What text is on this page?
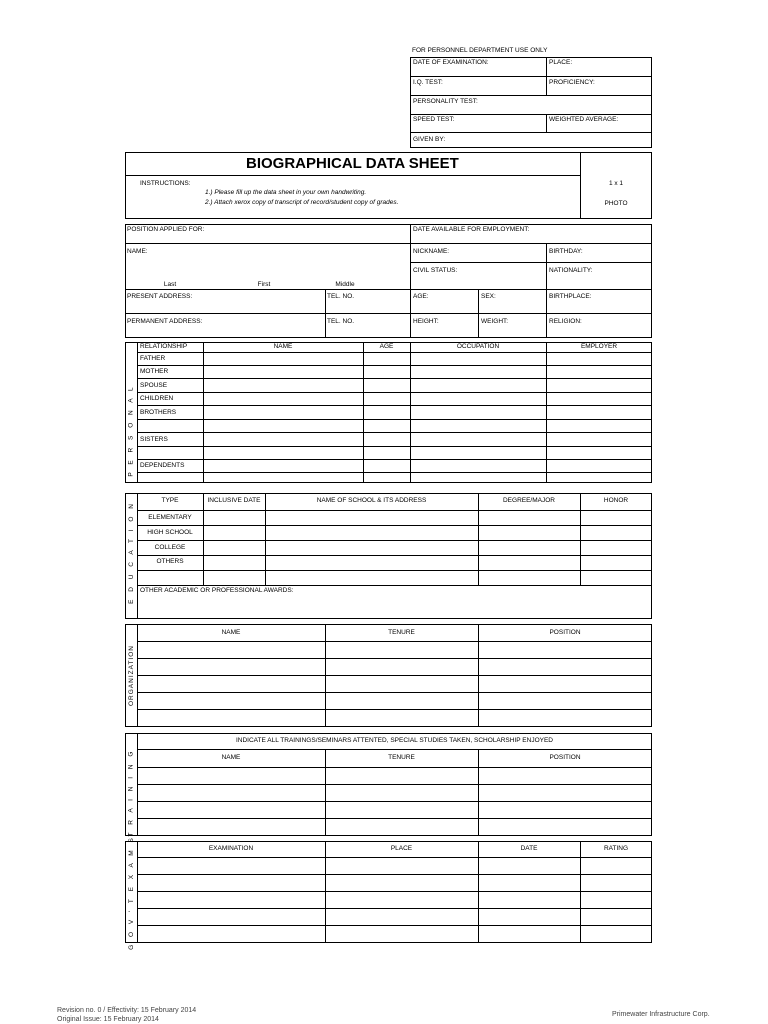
FOR PERSONNEL DEPARTMENT USE ONLY
DATE OF EXAMINATION:	PLACE:
I.Q. TEST:	PROFICIENCY:
PERSONALITY TEST:
SPEED TEST:	WEIGHTED AVERAGE:
GIVEN BY:
BIOGRAPHICAL DATA SHEET
INSTRUCTIONS:
1.) Please fill up the data sheet in your own handwriting.
2.) Attach xerox copy of transcript of record/student copy of grades.
1 x 1
PHOTO
POSITION APPLIED FOR:	DATE AVAILABLE FOR EMPLOYMENT:
NAME:	NICKNAME:	BIRTHDAY:
CIVIL STATUS:	NATIONALITY:
Last	First	Middle
PRESENT ADDRESS:	TEL. NO.	AGE:	SEX:	BIRTHPLACE:
PERMANENT ADDRESS:	TEL. NO.	HEIGHT:	WEIGHT:	RELIGION:
P E R S O N A L
RELATIONSHIP	NAME	AGE	OCCUPATION	EMPLOYER
FATHER
MOTHER
SPOUSE
CHILDREN
BROTHERS
SISTERS
DEPENDENTS
E D U C A T I O N
TYPE	INCLUSIVE DATE	NAME OF SCHOOL & ITS ADDRESS	DEGREE/MAJOR	HONOR
ELEMENTARY
HIGH SCHOOL
COLLEGE
OTHERS
OTHER ACADEMIC OR PROFESSIONAL AWARDS:
ORGANIZATION
NAME	TENURE	POSITION
T R A I N I N G
INDICATE ALL TRAININGS/SEMINARS ATTENTED, SPECIAL STUDIES TAKEN, SCHOLARSHIP ENJOYED
NAME	TENURE	POSITION
G O V ' T E X A M S	EXAMINATION	PLACE	DATE	RATING
Revision no. 0 / Effectivity: 15 February 2014
Original Issue: 15 February 2014
Primewater Infrastructure Corp.
